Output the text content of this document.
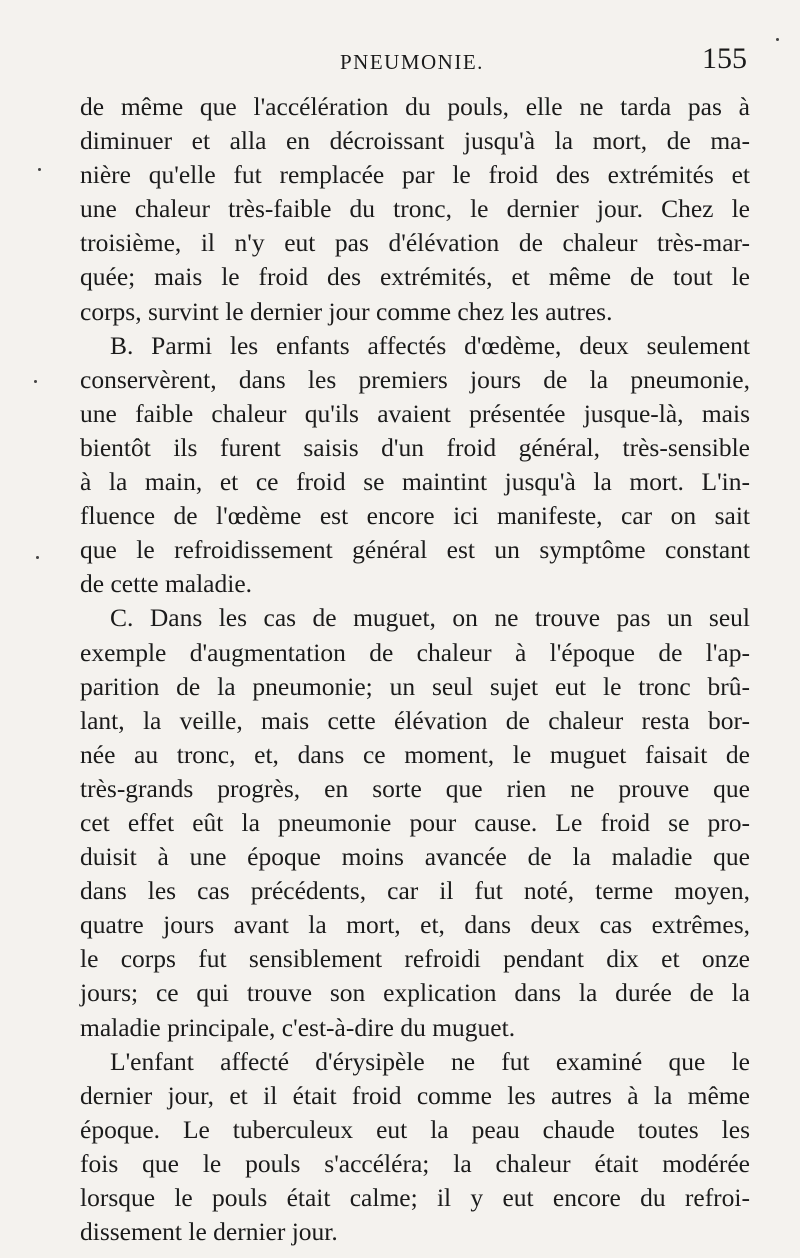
PNEUMONIE.	155

de même que l'accélération du pouls, elle ne tarda pas à
diminuer et alla en décroissant jusqu'à la mort, de ma-
nière qu'elle fut remplacée par le froid des extrémités et
une chaleur très-faible du tronc, le dernier jour. Chez le
troisième, il n'y eut pas d'élévation de chaleur très-mar-
quée; mais le froid des extrémités, et même de tout le
corps, survint le dernier jour comme chez les autres.

B. Parmi les enfants affectés d'œdème, deux seulement
conservèrent, dans les premiers jours de la pneumonie,
une faible chaleur qu'ils avaient présentée jusque-là, mais
bientôt ils furent saisis d'un froid général, très-sensible
à la main, et ce froid se maintint jusqu'à la mort. L'in-
fluence de l'œdème est encore ici manifeste, car on sait
que le refroidissement général est un symptôme constant
de cette maladie.

C. Dans les cas de muguet, on ne trouve pas un seul
exemple d'augmentation de chaleur à l'époque de l'ap-
parition de la pneumonie; un seul sujet eut le tronc brû-
lant, la veille, mais cette élévation de chaleur resta bor-
née au tronc, et, dans ce moment, le muguet faisait de
très-grands progrès, en sorte que rien ne prouve que
cet effet eût la pneumonie pour cause. Le froid se pro-
duisit à une époque moins avancée de la maladie que
dans les cas précédents, car il fut noté, terme moyen,
quatre jours avant la mort, et, dans deux cas extrêmes,
le corps fut sensiblement refroidi pendant dix et onze
jours; ce qui trouve son explication dans la durée de la
maladie principale, c'est-à-dire du muguet.

L'enfant affecté d'érysipèle ne fut examiné que le
dernier jour, et il était froid comme les autres à la même
époque. Le tuberculeux eut la peau chaude toutes les
fois que le pouls s'accéléra; la chaleur était modérée
lorsque le pouls était calme; il y eut encore du refroi-
dissement le dernier jour.
